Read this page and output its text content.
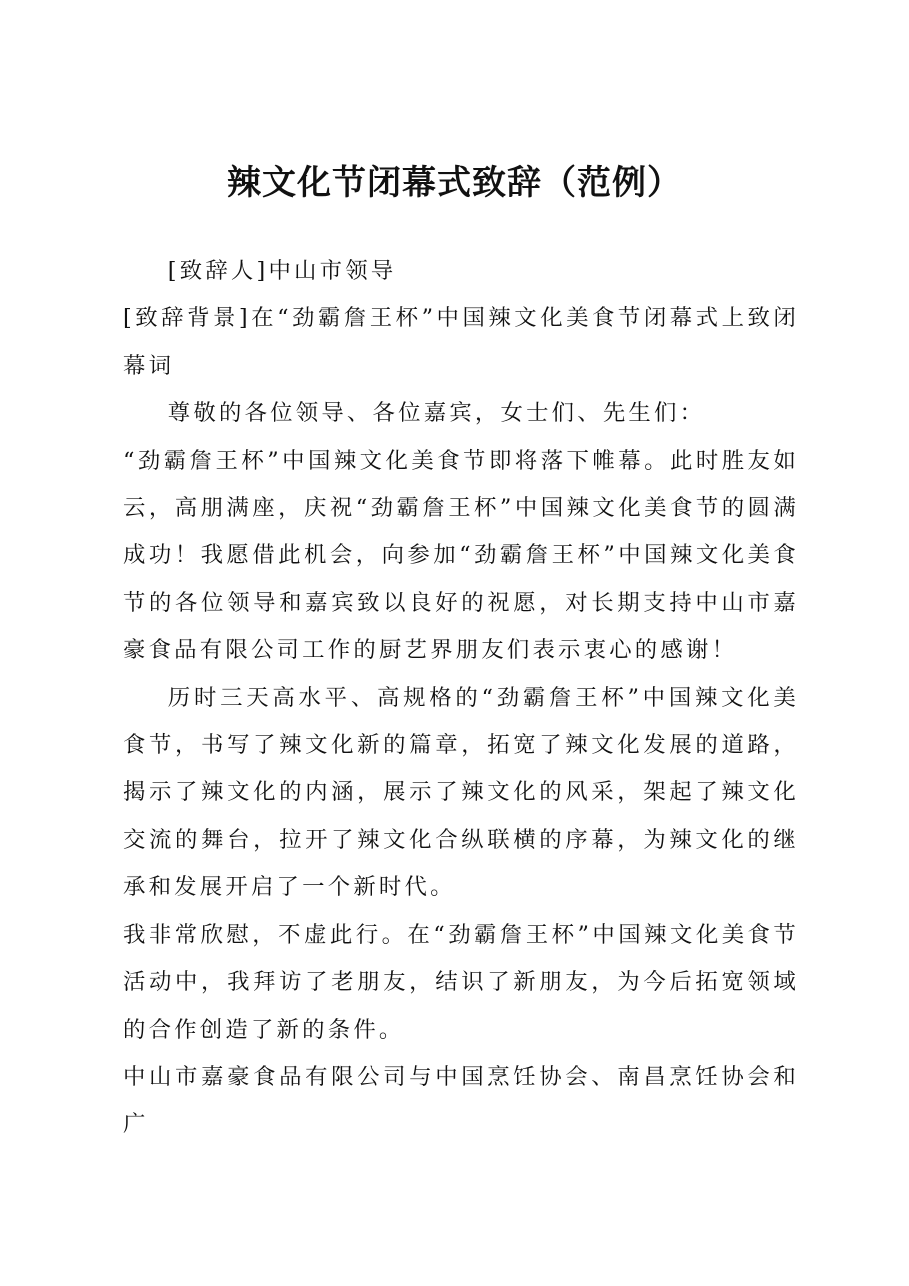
辣文化节闭幕式致辞（范例）

[致辞人]中山市领导

[致辞背景]在“劲霸詹王杯”中国辣文化美食节闭幕式上致闭幕词

尊敬的各位领导、各位嘉宾，女士们、先生们：

“劲霸詹王杯”中国辣文化美食节即将落下帷幕。此时胜友如云，高朋满座，庆祝“劲霸詹王杯”中国辣文化美食节的圆满成功！我愿借此机会，向参加“劲霸詹王杯”中国辣文化美食节的各位领导和嘉宾致以良好的祝愿，对长期支持中山市嘉豪食品有限公司工作的厨艺界朋友们表示衷心的感谢！

历时三天高水平、高规格的“劲霸詹王杯”中国辣文化美食节，书写了辣文化新的篇章，拓宽了辣文化发展的道路，揭示了辣文化的内涵，展示了辣文化的风采，架起了辣文化交流的舞台，拉开了辣文化合纵联横的序幕，为辣文化的继承和发展开启了一个新时代。

我非常欣慰，不虚此行。在“劲霸詹王杯”中国辣文化美食节活动中，我拜访了老朋友，结识了新朋友，为今后拓宽领域的合作创造了新的条件。

中山市嘉豪食品有限公司与中国烹饪协会、南昌烹饪协会和广
